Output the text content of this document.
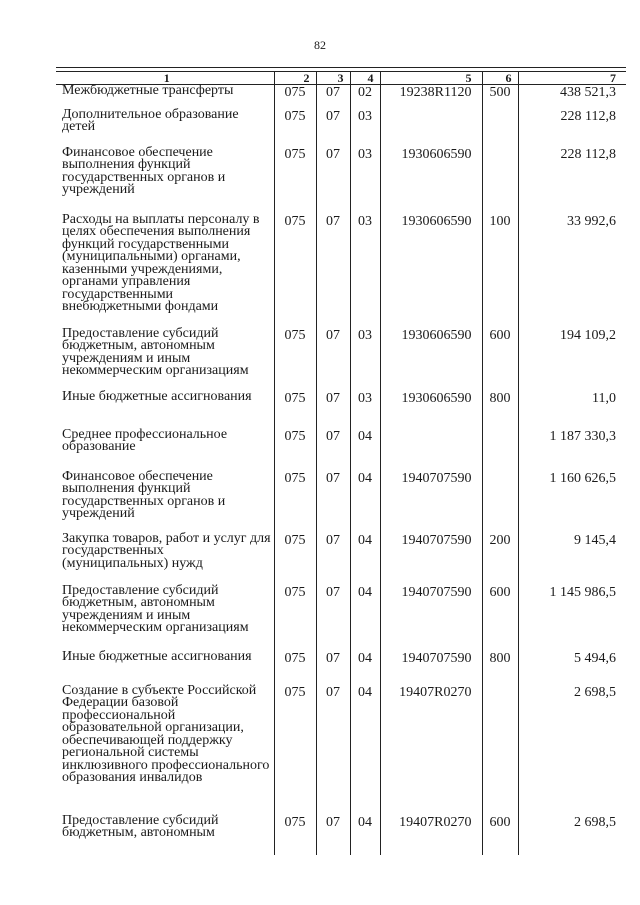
82
1	2	3	4	5	6	7
Межбюджетные трансферты	075	07	02	19238R1120	500	438 521,3
Дополнительное образование детей	075	07	03			228 112,8
Финансовое обеспечение выполнения функций государственных органов и учреждений	075	07	03	1930606590		228 112,8
Расходы на выплаты персоналу в целях обеспечения выполнения функций государственными (муниципальными) органами, казенными учреждениями, органами управления государственными внебюджетными фондами	075	07	03	1930606590	100	33 992,6
Предоставление субсидий бюджетным, автономным учреждениям и иным некоммерческим организациям	075	07	03	1930606590	600	194 109,2
Иные бюджетные ассигнования	075	07	03	1930606590	800	11,0
Среднее профессиональное образование	075	07	04			1 187 330,3
Финансовое обеспечение выполнения функций государственных органов и учреждений	075	07	04	1940707590		1 160 626,5
Закупка товаров, работ и услуг для государственных (муниципальных) нужд	075	07	04	1940707590	200	9 145,4
Предоставление субсидий бюджетным, автономным учреждениям и иным некоммерческим организациям	075	07	04	1940707590	600	1 145 986,5
Иные бюджетные ассигнования	075	07	04	1940707590	800	5 494,6
Создание в субъекте Российской Федерации базовой профессиональной образовательной организации, обеспечивающей поддержку региональной системы инклюзивного профессионального образования инвалидов	075	07	04	19407R0270		2 698,5
Предоставление субсидий бюджетным, автономным	075	07	04	19407R0270	600	2 698,5
